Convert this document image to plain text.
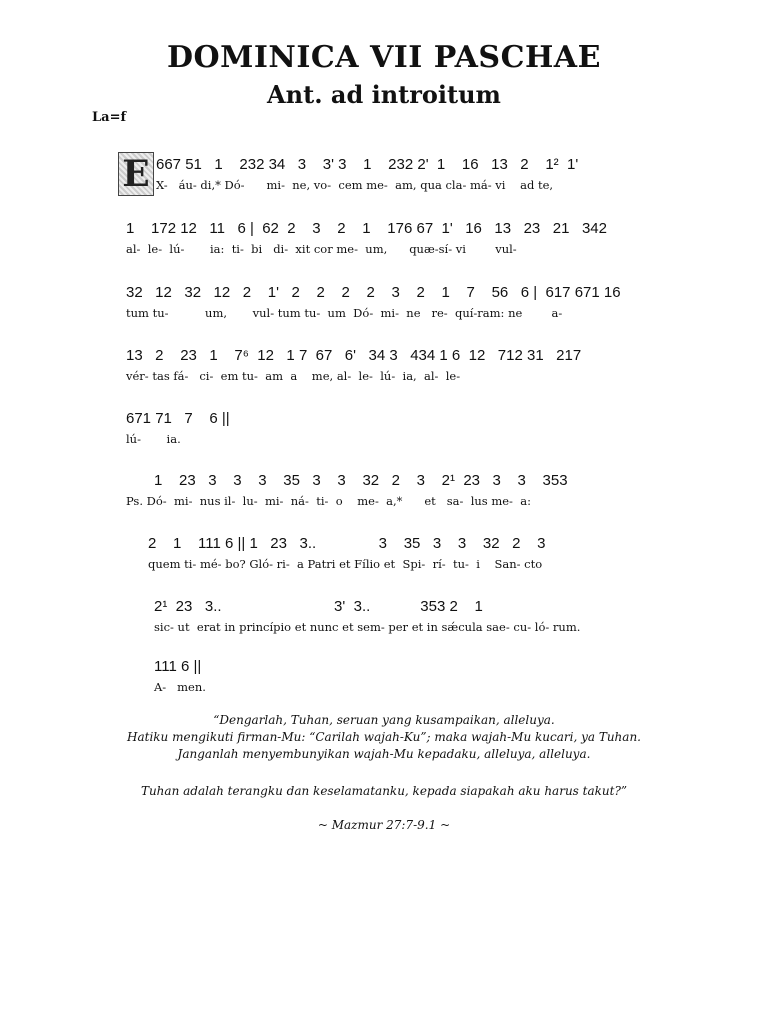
DOMINICA VII PASCHAE
Ant. ad introitum
La=f
E 667 51   1    232 34   3    3' 3    1    232 2'  1    16   13   2    1²  1'
X-   áu- di,* Dó-      mi-  ne, vo-  cem me-  am, qua cla- má- vi    ad te,
1    172 12   11   6 |  62  2    3    2    1    176 67  1'   16   13   23   21   342
al-  le-  lú-       ia:  ti-  bi   di-  xit cor me-  um,      quæ-sí- vi        vul-
32   12   32   12   2    1'   2    2    2    2    3    2    1    7    56   6 |  617 671 16
tum tu-          um,       vul- tum tu-  um  Dó-  mi-  ne   re-  quí-ram: ne        a-
13   2    23   1    7⁶  12   1 7  67   6'   34 3   434 1 6  12   712 31   217
vér- tas fá-   ci-  em tu-  am  a    me, al-  le-  lú-  ia,  al-  le-
671 71   7    6 ||
lú-       ia.
1    23   3    3    3    35   3    3    32   2    3    2¹  23   3    3    353
Ps. Dó-  mi-  nus il-  lu-  mi-  ná-  ti-  o    me-  a,*      et   sa-  lus me-  a:
2    1    111 6 || 1   23   3..               3    35   3    3    32   2    3
quem ti- mé- bo? Gló- ri-  a Patri et Fílio et  Spi-  rí-  tu-  i    San- cto
2¹  23   3..                           3'  3..            353 2    1
sic- ut  erat in princípio et nunc et sem- per et in sǽcula sae- cu- ló- rum.
111 6 ||
A-   men.

“Dengarlah, Tuhan, seruan yang kusampaikan, alleluya.

Hatiku mengikuti firman-Mu: “Carilah wajah-Ku”; maka wajah-Mu kucari, ya Tuhan.

Janganlah menyembunyikan wajah-Mu kepadaku, alleluya, alleluya.

Tuhan adalah terangku dan keselamatanku, kepada siapakah aku harus takut?”
~ Mazmur 27:7-9.1 ~
